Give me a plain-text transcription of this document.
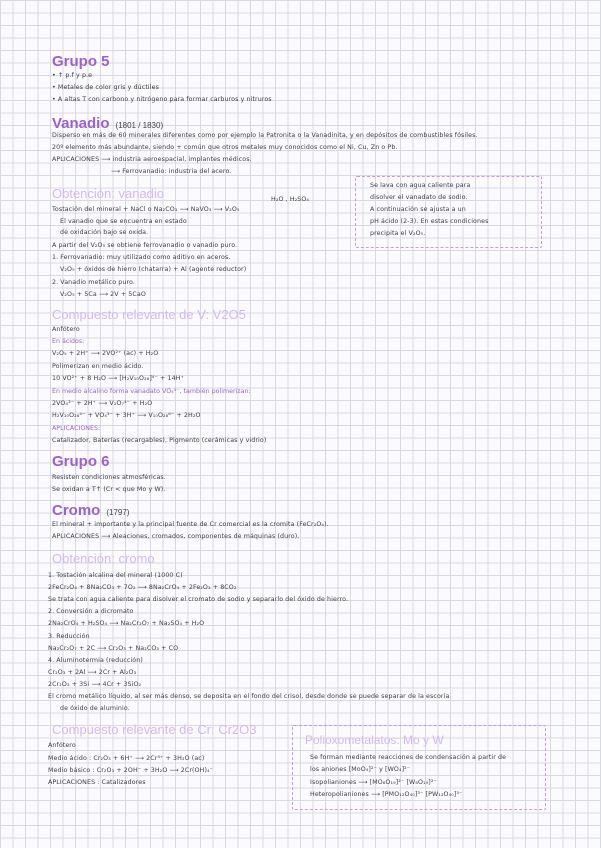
Grupo 5
• ↑ p.f y p.e
• Metales de color gris y dúctiles
• A altas T con carbono y nitrógeno para formar carburos y nitruros
Vanadio (1801 / 1830)
Disperso en más de 60 minerales diferentes como por ejemplo la Patronita o la Vanadinita, y en depósitos de combustibles fósiles.
20º elemento más abundante, siendo + común que otros metales muy conocidos como el Ni, Cu, Zn o Pb.
APLICACIONES ⟶ industria aeroespacial, implantes médicos.
⟶ Ferrovanadio: industria del acero.
Obtención: vanadio	H₂O , H₂SO₄
Tostación del mineral + NaCl o Na₂CO₃ ⟶ NaVO₃ ⟶ V₂O₅
El vanadio que se encuentra en estado
de oxidación bajo se oxida.
A partir del V₂O₅ se obtiene ferrovanadio o vanadio puro.
1. Ferrovanadio: muy utilizado como aditivo en aceros.
V₂O₅ + óxidos de hierro (chatarra) + Al (agente reductor)
2. Vanadio metálico puro.
V₂O₅ + 5Ca ⟶ 2V + 5CaO
Se lava con agua caliente para
disolver el vanadato de sodio.
A continuación se ajusta a un
pH ácido (2-3). En estas condiciones
precipita el V₂O₅.
Compuesto relevante de V: V2O5
Anfótero
En ácidos:
V₂O₅ + 2H⁺ ⟶ 2VO²⁺ (ac) + H₂O
Polimerizan en medio ácido.
10 VO²⁺ + 8 H₂O ⟶ [H₂V₁₀O₂₈]⁴⁻ + 14H⁺
En medio alcalino forma vanadato VO₄³⁻, también polimerizan:
2VO₄³⁻ + 2H⁺ ⟶ V₂O₇⁴⁻ + H₂O
H₂V₁₀O₂₈⁴⁻ + VO₄³⁻ + 3H⁺ ⟶ V₁₀O₂₈⁶⁻ + 2H₂O
APLICACIONES:
Catalizador, Baterías (recargables), Pigmento (cerámicas y vidrio)
Grupo 6
Resisten condiciones atmosféricas.
Se oxidan a T↑ (Cr < que Mo y W).
Cromo (1797)
El mineral + importante y la principal fuente de Cr comercial es la cromita (FeCr₂O₄).
APLICACIONES ⟶ Aleaciones, cromados, componentes de máquinas (duro).
Obtención: cromo
1. Tostación alcalina del mineral (1000 C)
2FeCr₂O₄ + 8Na₂CO₃ + 7O₂ ⟶ 8Na₂CrO₄ + 2Fe₂O₃ + 8CO₂
Se trata con agua caliente para disolver el cromato de sodio y separarlo del óxido de hierro.
2. Conversión a dicromato
2Na₂CrO₄ + H₂SO₄ ⟶ Na₂Cr₂O₇ + Na₂SO₄ + H₂O
3. Reducción
Na₂Cr₂O₇ + 2C ⟶ Cr₂O₃ + Na₂CO₃ + CO
4. Aluminotermia (reducción)
Cr₂O₃ + 2Al ⟶ 2Cr + Al₂O₃
2Cr₂O₃ + 3Si ⟶ 4Cr + 3SiO₂
El cromo metálico líquido, al ser más denso, se deposita en el fondo del crisol, desde donde se puede separar de la escoria
de óxido de aluminio.
Compuesto relevante de Cr: Cr2O3
Anfótero
Medio ácido : Cr₂O₃ + 6H⁺ ⟶ 2Cr³⁺ + 3H₂O (ac)
Medio básico : Cr₂O₃ + 2OH⁻ + 3H₂O ⟶ 2Cr(OH)₄⁻
APLICACIONES : Catalizadores
Polioxometalatos: Mo y W
Se forman mediante reacciones de condensación a partir de
los aniones [MoO₄]²⁻ y [WO₄]²⁻
Isopolianiones ⟶ [MO₆O₁₉]²⁻ [W₆O₁₉]²⁻
Heteropolianiones ⟶ [PMO₁₂O₄₀]³⁻ [PW₁₂O₄₀]³⁻
